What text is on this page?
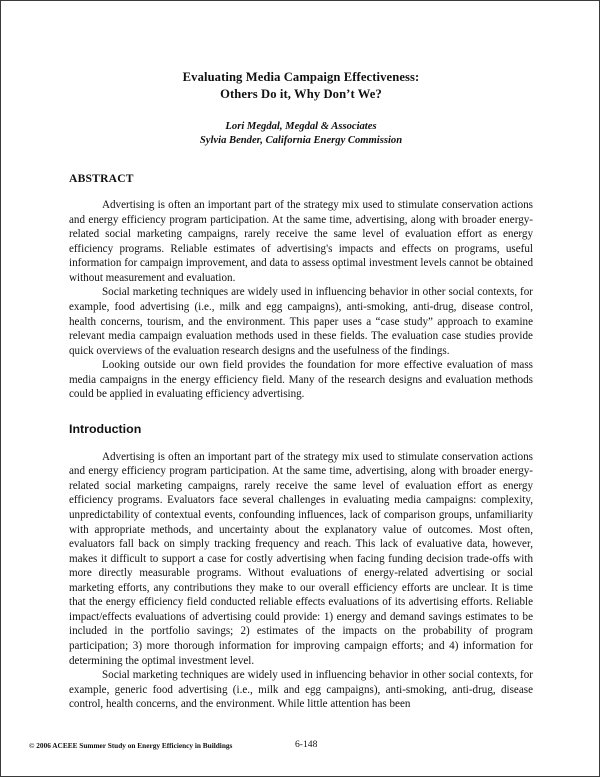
Evaluating Media Campaign Effectiveness:
Others Do it, Why Don’t We?
Lori Megdal, Megdal & Associates
Sylvia Bender, California Energy Commission
ABSTRACT

Advertising is often an important part of the strategy mix used to stimulate conservation actions and energy efficiency program participation. At the same time, advertising, along with broader energy-related social marketing campaigns, rarely receive the same level of evaluation effort as energy efficiency programs. Reliable estimates of advertising's impacts and effects on programs, useful information for campaign improvement, and data to assess optimal investment levels cannot be obtained without measurement and evaluation.

Social marketing techniques are widely used in influencing behavior in other social contexts, for example, food advertising (i.e., milk and egg campaigns), anti-smoking, anti-drug, disease control, health concerns, tourism, and the environment. This paper uses a “case study” approach to examine relevant media campaign evaluation methods used in these fields. The evaluation case studies provide quick overviews of the evaluation research designs and the usefulness of the findings.

Looking outside our own field provides the foundation for more effective evaluation of mass media campaigns in the energy efficiency field. Many of the research designs and evaluation methods could be applied in evaluating efficiency advertising.

Introduction

Advertising is often an important part of the strategy mix used to stimulate conservation actions and energy efficiency program participation. At the same time, advertising, along with broader energy-related social marketing campaigns, rarely receive the same level of evaluation effort as energy efficiency programs. Evaluators face several challenges in evaluating media campaigns: complexity, unpredictability of contextual events, confounding influences, lack of comparison groups, unfamiliarity with appropriate methods, and uncertainty about the explanatory value of outcomes. Most often, evaluators fall back on simply tracking frequency and reach. This lack of evaluative data, however, makes it difficult to support a case for costly advertising when facing funding decision trade-offs with more directly measurable programs. Without evaluations of energy-related advertising or social marketing efforts, any contributions they make to our overall efficiency efforts are unclear. It is time that the energy efficiency field conducted reliable effects evaluations of its advertising efforts. Reliable impact/effects evaluations of advertising could provide: 1) energy and demand savings estimates to be included in the portfolio savings; 2) estimates of the impacts on the probability of program participation; 3) more thorough information for improving campaign efforts; and 4) information for determining the optimal investment level.

Social marketing techniques are widely used in influencing behavior in other social contexts, for example, generic food advertising (i.e., milk and egg campaigns), anti-smoking, anti-drug, disease control, health concerns, and the environment. While little attention has been

© 2006 ACEEE Summer Study on Energy Efficiency in Buildings	6-148
